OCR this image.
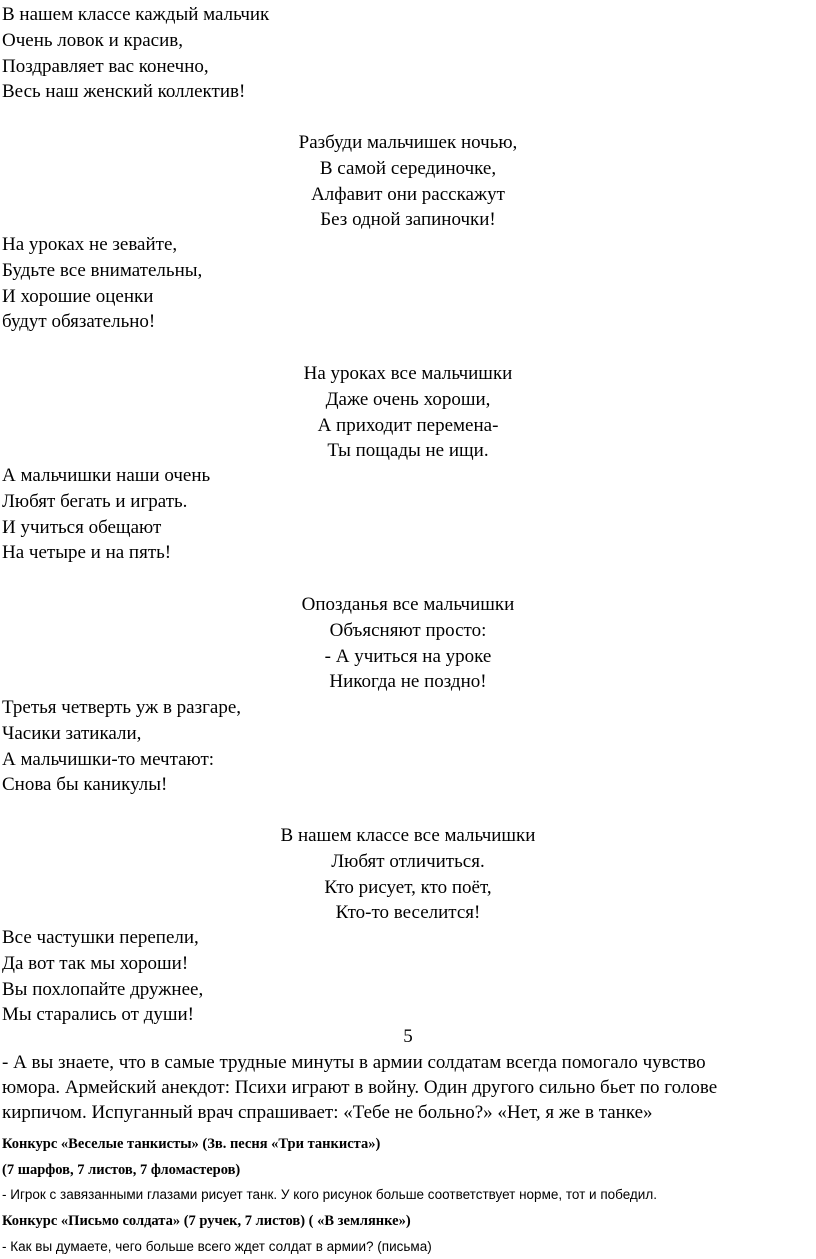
В нашем классе каждый мальчик
Очень ловок и красив,
Поздравляет вас конечно,
Весь наш женский коллектив!
Разбуди мальчишек ночью,
В самой серединочке,
Алфавит они расскажут
Без одной запиночки!
На уроках не зевайте,
Будьте все внимательны,
И хорошие оценки
будут обязательно!
На уроках все мальчишки
Даже очень хороши,
А приходит перемена-
Ты пощады не ищи.
А мальчишки наши очень
Любят бегать и играть.
И учиться обещают
На четыре и на пять!
Опозданья все мальчишки
Объясняют просто:
- А учиться на уроке
Никогда не поздно!
Третья четверть уж в разгаре,
Часики затикали,
А мальчишки-то мечтают:
Снова бы каникулы!
В нашем классе все мальчишки
Любят отличиться.
Кто рисует, кто поёт,
Кто-то веселится!
Все частушки перепели,
Да вот так мы хороши!
Вы похлопайте дружнее,
Мы старались от души!
5
- А вы знаете, что в самые трудные минуты в армии солдатам всегда помогало чувство
юмора. Армейский анекдот: Психи играют в войну. Один другого сильно бьет по голове
кирпичом. Испуганный врач спрашивает: «Тебе не больно?» «Нет, я же в танке»
Конкурс «Веселые танкисты» (Зв. песня «Три танкиста»)
(7 шарфов, 7 листов, 7 фломастеров)
- Игрок с завязанными глазами рисует танк. У кого рисунок больше соответствует норме, тот и победил.
Конкурс «Письмо солдата» (7 ручек, 7 листов) ( «В землянке»)
- Как вы думаете, чего больше всего ждет солдат в армии? (письма)
